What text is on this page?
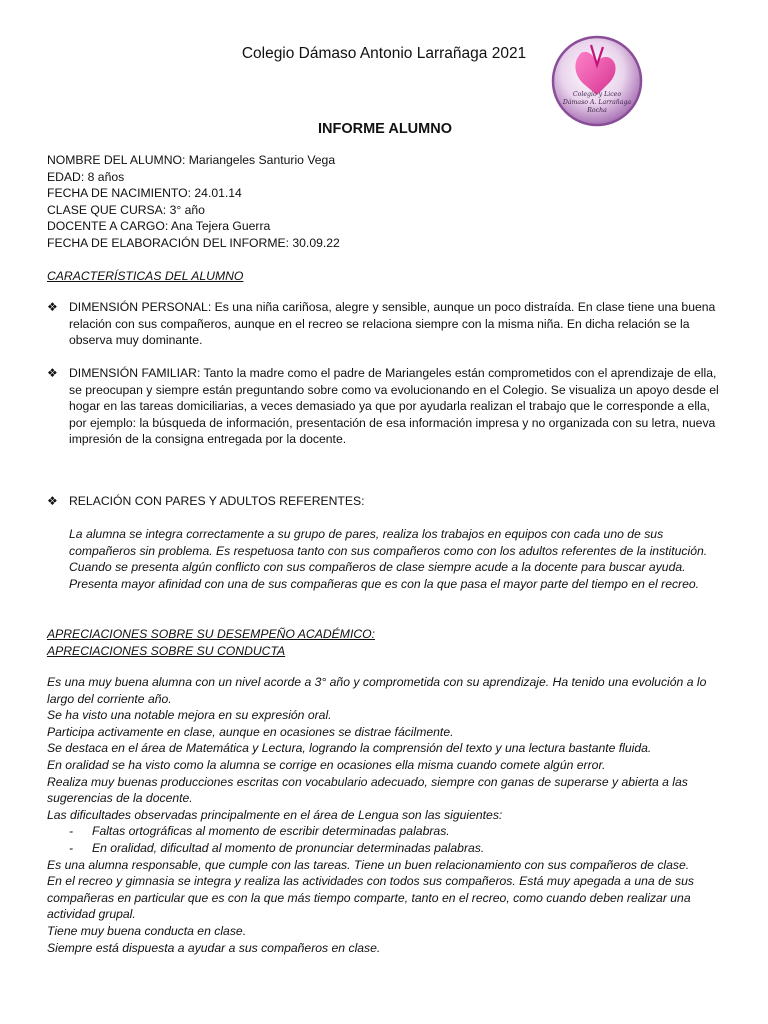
Colegio Dámaso Antonio Larrañaga 2021
Colegio y Liceo
Dámaso A. Larrañaga
Rocha
INFORME ALUMNO
NOMBRE DEL ALUMNO: Mariangeles Santurio Vega
EDAD: 8 años
FECHA DE NACIMIENTO: 24.01.14
CLASE QUE CURSA: 3° año
DOCENTE A CARGO: Ana Tejera Guerra
FECHA DE ELABORACIÓN DEL INFORME: 30.09.22
CARACTERÍSTICAS DEL ALUMNO
❖ DIMENSIÓN PERSONAL: Es una niña cariñosa, alegre y sensible, aunque un poco distraída. En clase tiene una buena relación con sus compañeros, aunque en el recreo se relaciona siempre con la misma niña. En dicha relación se la observa muy dominante.

❖ DIMENSIÓN FAMILIAR: Tanto la madre como el padre de Mariangeles están comprometidos con el aprendizaje de ella, se preocupan y siempre están preguntando sobre como va evolucionando en el Colegio. Se visualiza un apoyo desde el hogar en las tareas domiciliarias, a veces demasiado ya que por ayudarla realizan el trabajo que le corresponde a ella, por ejemplo: la búsqueda de información, presentación de esa información impresa y no organizada con su letra, nueva impresión de la consigna entregada por la docente.

❖ RELACIÓN CON PARES Y ADULTOS REFERENTES:

La alumna se integra correctamente a su grupo de pares, realiza los trabajos en equipos con cada uno de sus compañeros sin problema. Es respetuosa tanto con sus compañeros como con los adultos referentes de la institución. Cuando se presenta algún conflicto con sus compañeros de clase siempre acude a la docente para buscar ayuda. Presenta mayor afinidad con una de sus compañeras que es con la que pasa el mayor parte del tiempo en el recreo.

APRECIACIONES SOBRE SU DESEMPEÑO ACADÉMICO:
APRECIACIONES SOBRE SU CONDUCTA

Es una muy buena alumna con un nivel acorde a 3° año y comprometida con su aprendizaje. Ha tenido una evolución a lo largo del corriente año.

Se ha visto una notable mejora en su expresión oral.

Participa activamente en clase, aunque en ocasiones se distrae fácilmente.

Se destaca en el área de Matemática y Lectura, logrando la comprensión del texto y una lectura bastante fluida.

En oralidad se ha visto como la alumna se corrige en ocasiones ella misma cuando comete algún error.

Realiza muy buenas producciones escritas con vocabulario adecuado, siempre con ganas de superarse y abierta a las sugerencias de la docente.

Las dificultades observadas principalmente en el área de Lengua son las siguientes:

- Faltas ortográficas al momento de escribir determinadas palabras.
- En oralidad, dificultad al momento de pronunciar determinadas palabras.

Es una alumna responsable, que cumple con las tareas. Tiene un buen relacionamiento con sus compañeros de clase.

En el recreo y gimnasia se integra y realiza las actividades con todos sus compañeros. Está muy apegada a una de sus compañeras en particular que es con la que más tiempo comparte, tanto en el recreo, como cuando deben realizar una actividad grupal.

Tiene muy buena conducta en clase.

Siempre está dispuesta a ayudar a sus compañeros en clase.
